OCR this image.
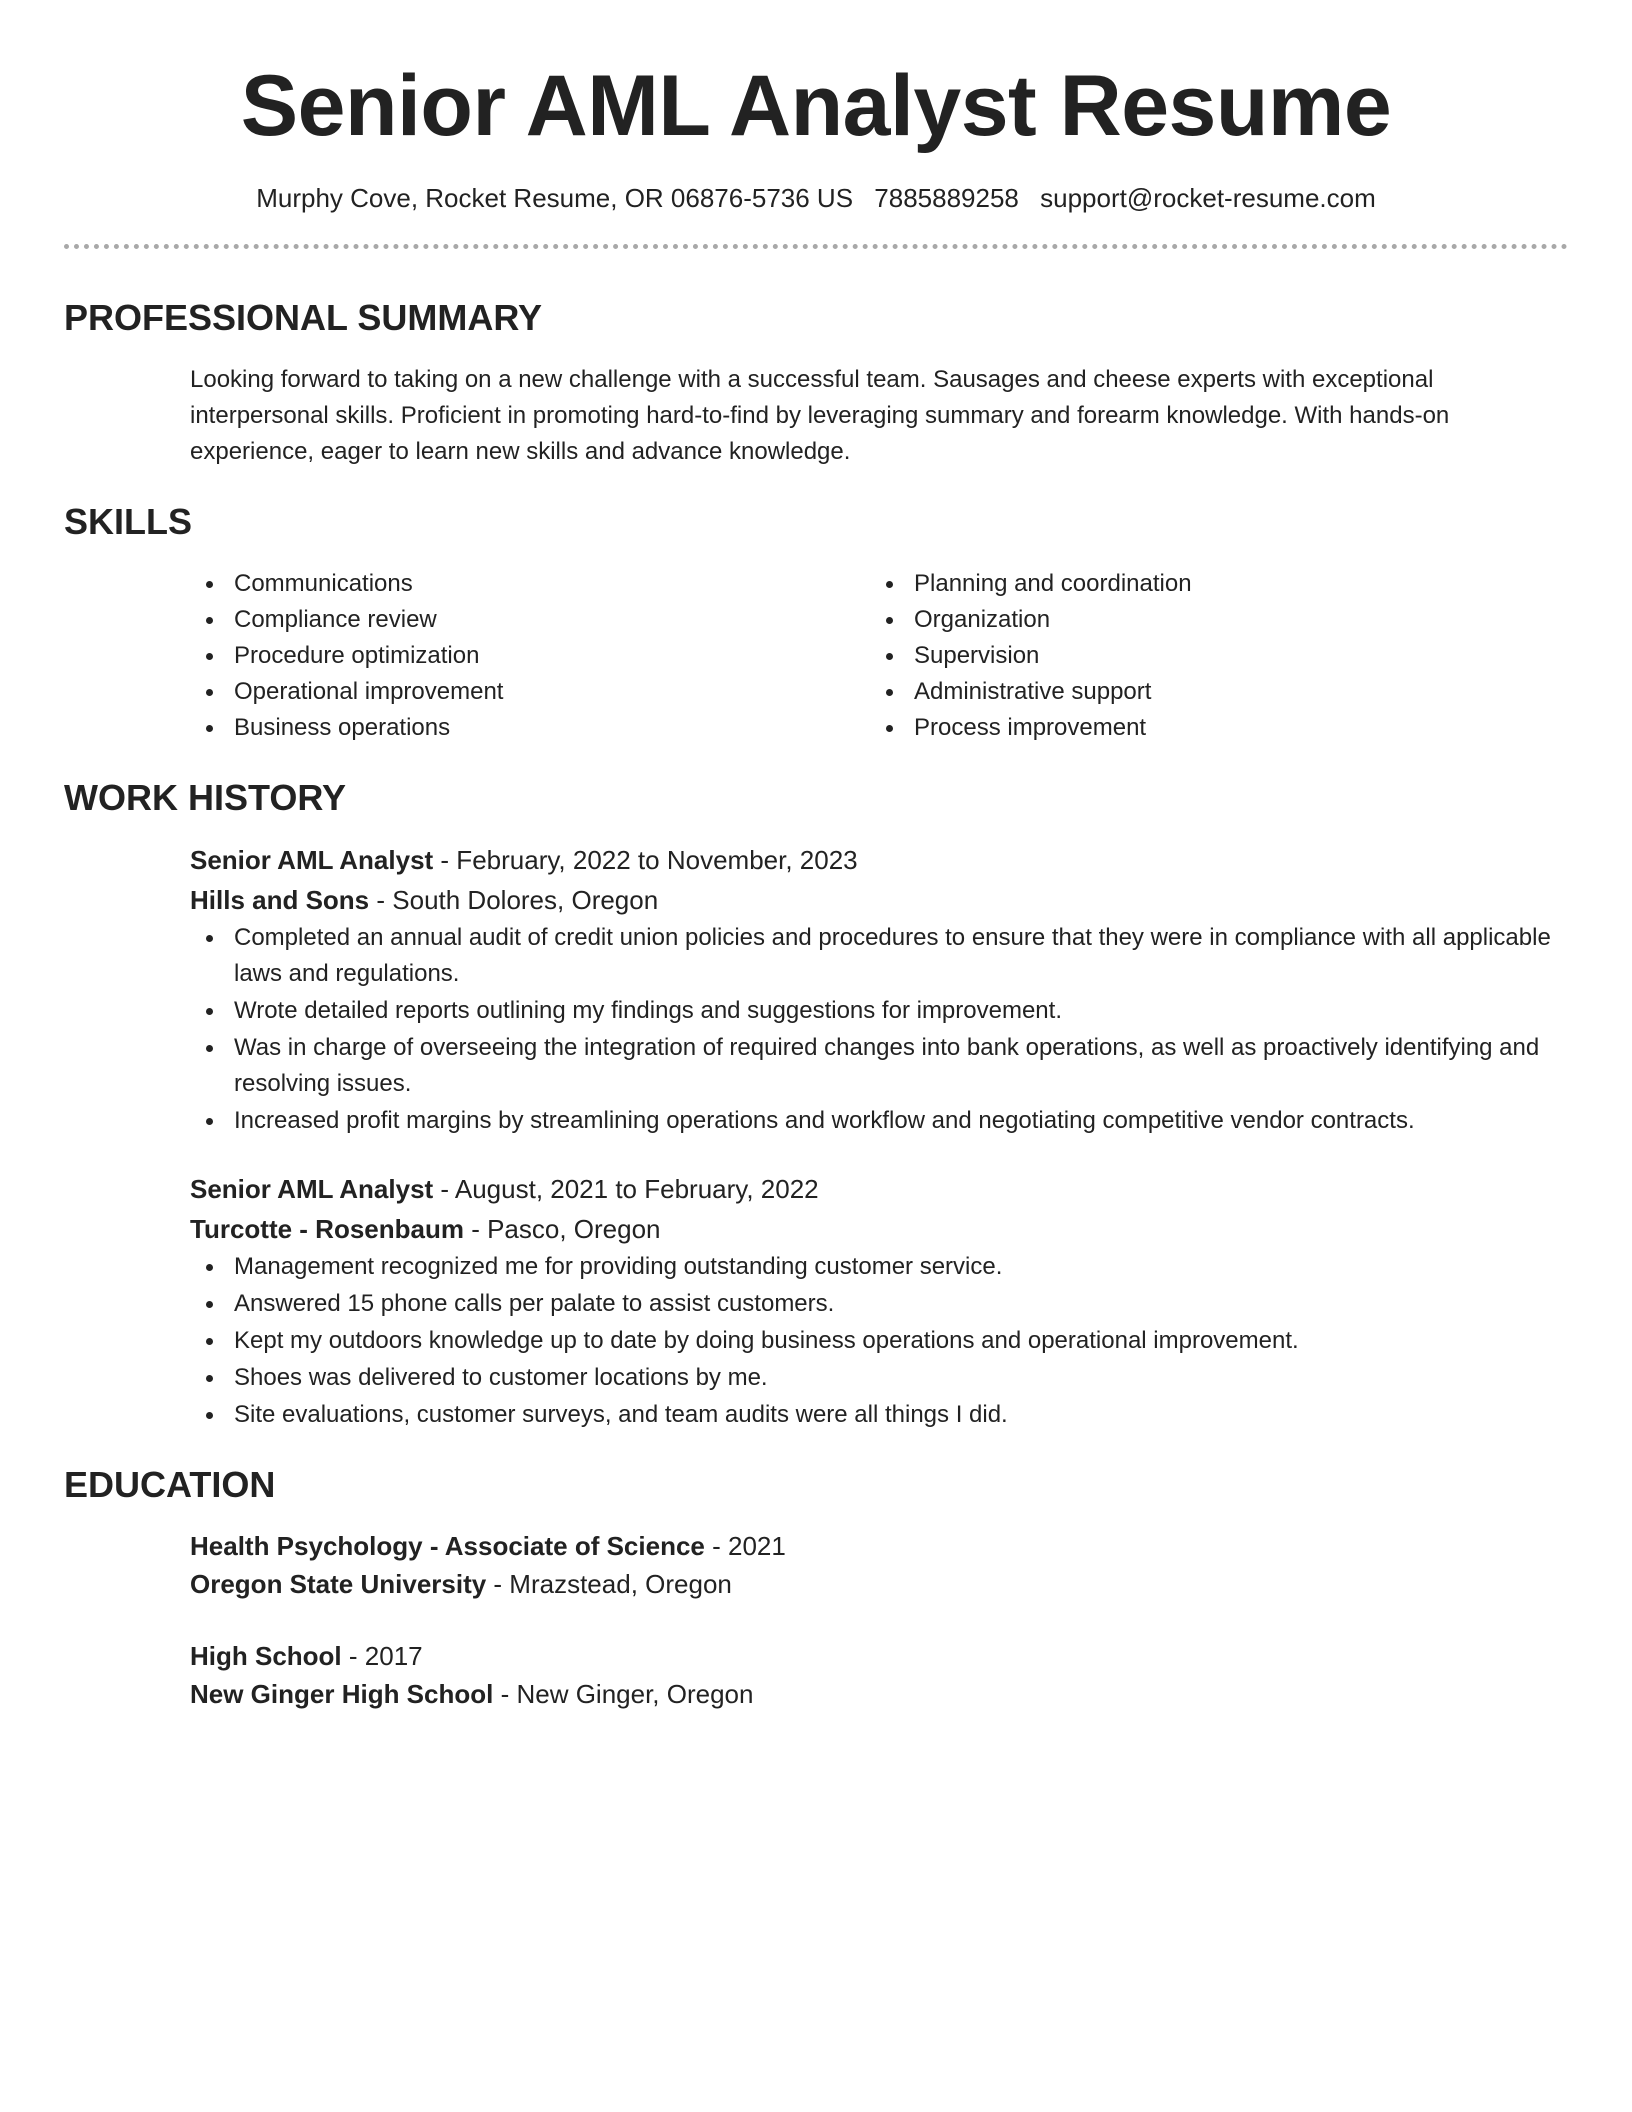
Senior AML Analyst Resume
Murphy Cove, Rocket Resume, OR 06876-5736 US 7885889258 support@rocket-resume.com
PROFESSIONAL SUMMARY

Looking forward to taking on a new challenge with a successful team. Sausages and cheese experts with exceptional interpersonal skills. Proficient in promoting hard-to-find by leveraging summary and forearm knowledge. With hands-on experience, eager to learn new skills and advance knowledge.

SKILLS
Communications
Compliance review
Procedure optimization
Operational improvement
Business operations
Planning and coordination
Organization
Supervision
Administrative support
Process improvement
WORK HISTORY
Senior AML Analyst - February, 2022 to November, 2023
Hills and Sons - South Dolores, Oregon
Completed an annual audit of credit union policies and procedures to ensure that they were in compliance with all applicable laws and regulations.
Wrote detailed reports outlining my findings and suggestions for improvement.
Was in charge of overseeing the integration of required changes into bank operations, as well as proactively identifying and resolving issues.
Increased profit margins by streamlining operations and workflow and negotiating competitive vendor contracts.
Senior AML Analyst - August, 2021 to February, 2022
Turcotte - Rosenbaum - Pasco, Oregon
Management recognized me for providing outstanding customer service.
Answered 15 phone calls per palate to assist customers.
Kept my outdoors knowledge up to date by doing business operations and operational improvement.
Shoes was delivered to customer locations by me.
Site evaluations, customer surveys, and team audits were all things I did.
EDUCATION
Health Psychology - Associate of Science - 2021
Oregon State University - Mrazstead, Oregon
High School - 2017
New Ginger High School - New Ginger, Oregon
